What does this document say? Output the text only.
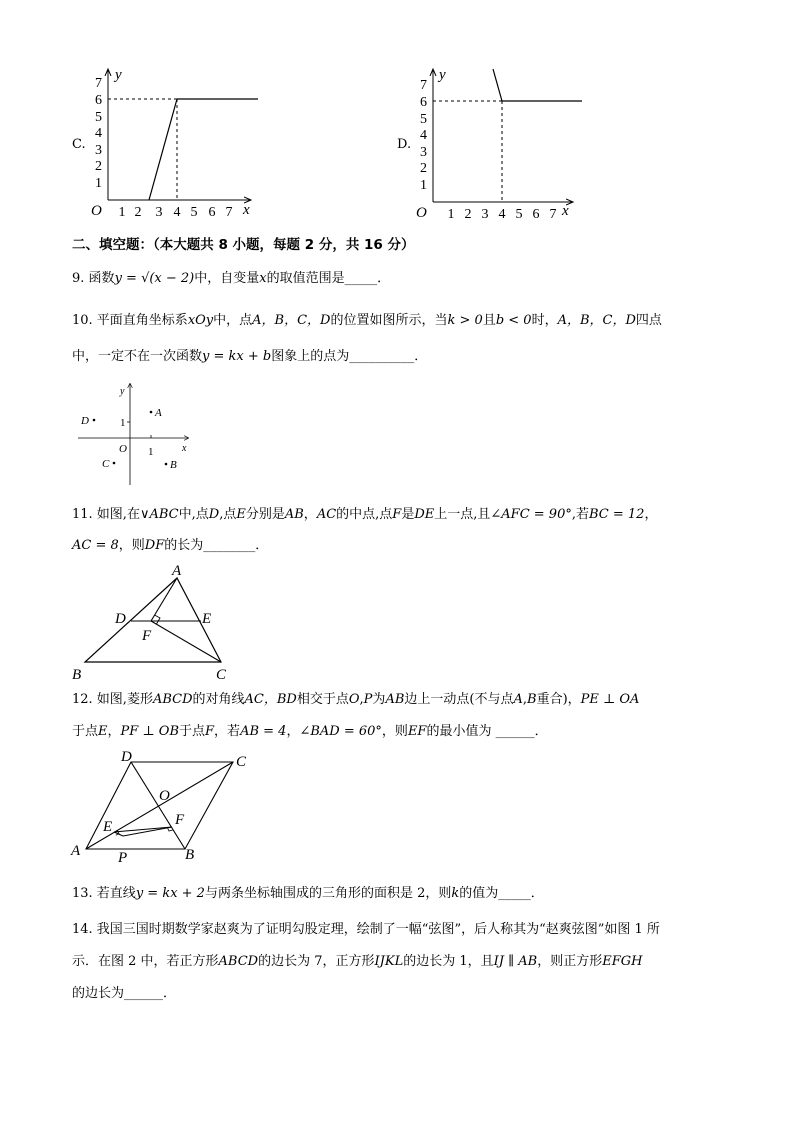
C.
O	x
y
1 2 3 4 5 6 7
1
2
3
4
5
6
7
D.
O	x
y
1 2 3 4 5 6 7
1
2
3
4
5
6
7
二、填空题：（本大题共 8 小题，每题 2 分，共 16 分）
9. 函数y = √(x − 2)中，自变量x的取值范围是_____．
10. 平面直角坐标系xOy中，点A，B，C，D的位置如图所示，当k > 0且b < 0时，A，B，C，D四点
中，一定不在一次函数y = kx + b图象上的点为__________．
y
x
O
1
1
A
D
C	B
11. 如图,在∨ABC中,点D,点E分别是AB，AC的中点,点F是DE上一点,且∠AFC = 90°,若BC = 12，
AC = 8，则DF的长为________．
A
B	C
D	E
F
12. 如图,菱形ABCD的对角线AC，BD相交于点O,P为AB边上一动点(不与点A,B重合)，PE ⊥ OA
于点E，PF ⊥ OB于点F，若AB = 4，∠BAD = 60°，则EF的最小值为 ______．
A	B
C
D
O
E	F
P
13. 若直线y = kx + 2与两条坐标轴围成的三角形的面积是 2，则k的值为_____．
14. 我国三国时期数学家赵爽为了证明勾股定理，绘制了一幅“弦图”，后人称其为“赵爽弦图”如图 1 所
示．在图 2 中，若正方形ABCD的边长为 7，正方形IJKL的边长为 1，且IJ ∥ AB，则正方形EFGH
的边长为______．
